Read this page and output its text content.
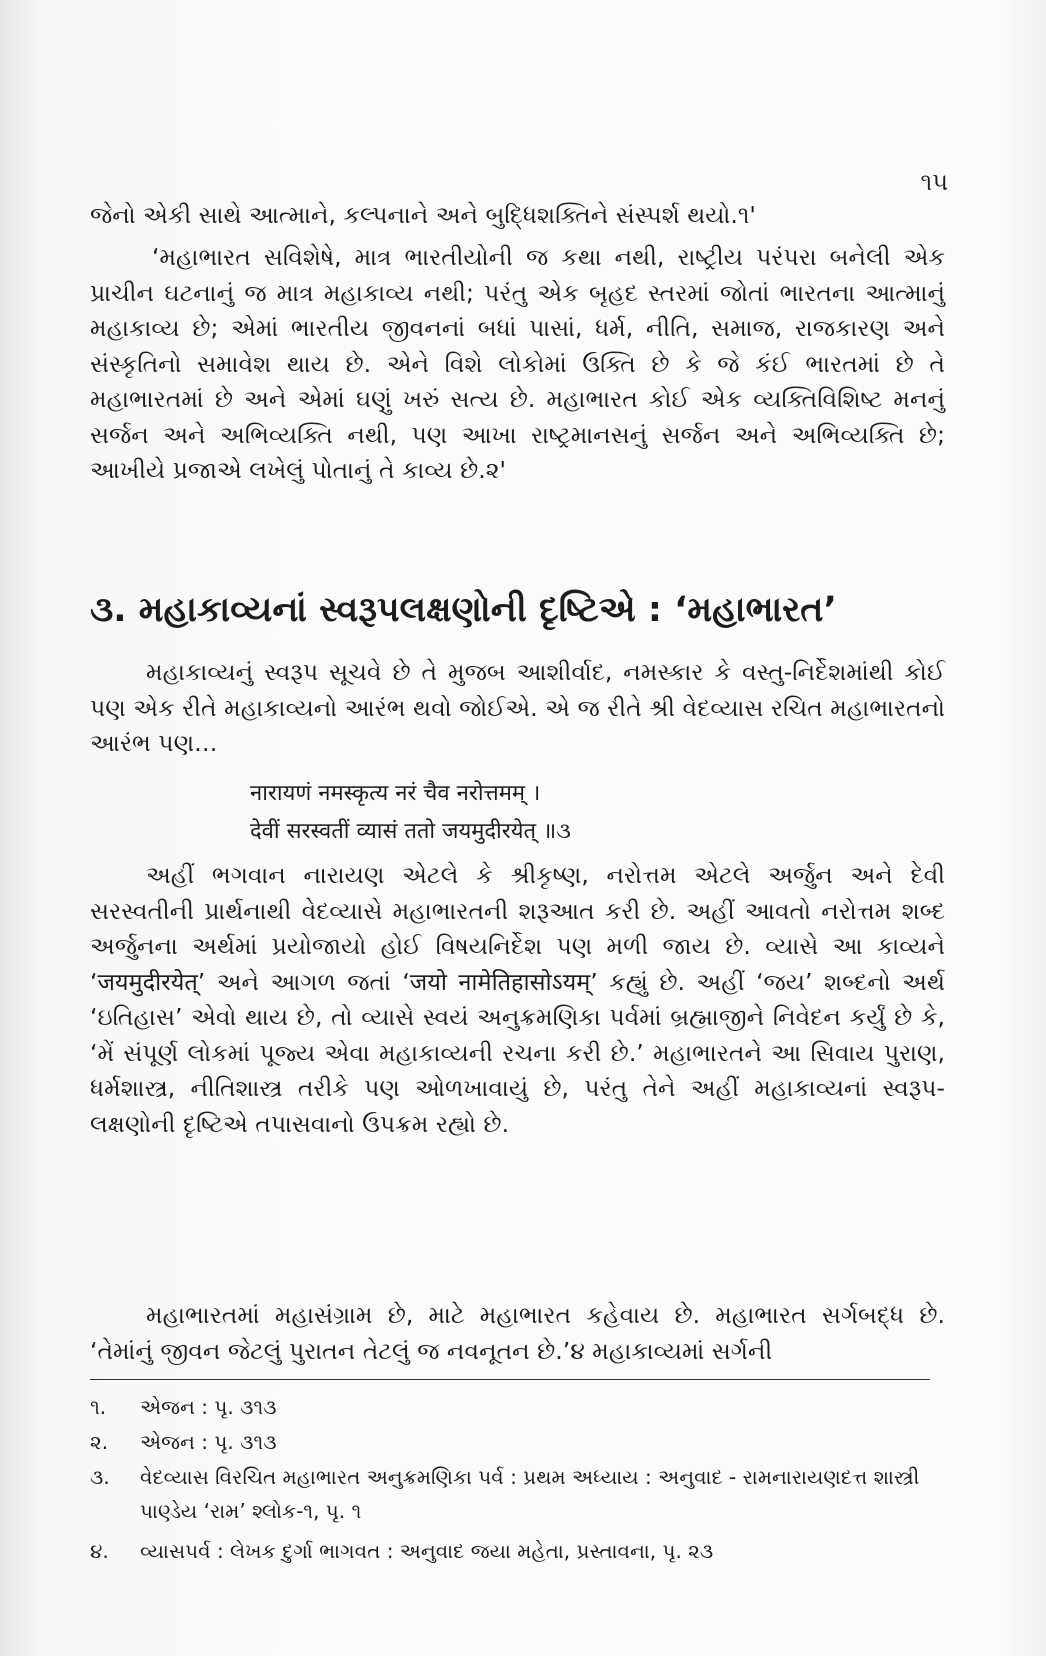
૧૫

જેનો એકી સાથે આત્માને, કલ્પનાને અને બુદ્ધિશક્તિને સંસ્પર્શ થયો.૧'

‘મહાભારત સવિશેષે, માત્ર ભારતીયોની જ કથા નથી, રાષ્ટ્રીય પરંપરા બનેલી એક પ્રાચીન ઘટનાનું જ માત્ર મહાકાવ્ય નથી; પરંતુ એક બૃહદ સ્તરમાં જોતાં ભારતના આત્માનું મહાકાવ્ય છે; એમાં ભારતીય જીવનનાં બધાં પાસાં, ધર્મ, નીતિ, સમાજ, રાજકારણ અને સંસ્કૃતિનો સમાવેશ થાય છે. એને વિશે લોકોમાં ઉક્તિ છે કે જે કંઈ ભારતમાં છે તે મહાભારતમાં છે અને એમાં ઘણું ખરું સત્ય છે. મહાભારત કોઈ એક વ્યક્તિવિશિષ્ટ મનનું સર્જન અને અભિવ્યક્તિ નથી, પણ આખા રાષ્ટ્રમાનસનું સર્જન અને અભિવ્યક્તિ છે; આખીયે પ્રજાએ લખેલું પોતાનું તે કાવ્ય છે.૨'

૩. મહાકાવ્યનાં સ્વરૂપલક્ષણોની દૃષ્ટિએ : ‘મહાભારત’

મહાકાવ્યનું સ્વરૂપ સૂચવે છે તે મુજબ આશીર્વાદ, નમસ્કાર કે વસ્તુ-નિર્દેશમાંથી કોઈ પણ એક રીતે મહાકાવ્યનો આરંભ થવો જોઈએ. એ જ રીતે શ્રી વેદવ્યાસ રચિત મહાભારતનો આરંભ પણ…

नारायणं नमस्कृत्य नरं चैव नरोत्तमम् ।

देवीं सरस्वतीं व्यासं ततो जयमुदीरयेत् ॥૩

અહીં ભગવાન નારાયણ એટલે કે શ્રીકૃષ્ણ, નરોત્તમ એટલે અર્જુન અને દેવી સરસ્વતીની પ્રાર્થનાથી વેદવ્યાસે મહાભારતની શરૂઆત કરી છે. અહીં આવતો નરોત્તમ શબ્દ અર્જુનના અર્થમાં પ્રયોજાયો હોઈ વિષયનિર્દેશ પણ મળી જાય છે. વ્યાસે આ કાવ્યને ‘जयमुदीरयेत्’ અને આગળ જતાં ‘जयो नामेतिहासोऽयम्’ કહ્યું છે. અહીં ‘જય’ શબ્દનો અર્થ ‘ઇતિહાસ’ એવો થાય છે, તો વ્યાસે સ્વયં અનુક્રમણિકા પર્વમાં બ્રહ્માજીને નિવેદન કર્યું છે કે, ‘મેં સંપૂર્ણ લોકમાં પૂજ્ય એવા મહાકાવ્યની રચના કરી છે.’ મહાભારતને આ સિવાય પુરાણ, ધર્મશાસ્ત્ર, નીતિશાસ્ત્ર તરીકે પણ ઓળખાવાયું છે, પરંતુ તેને અહીં મહાકાવ્યનાં સ્વરૂપ-લક્ષણોની દૃષ્ટિએ તપાસવાનો ઉપક્રમ રહ્યો છે.

મહાભારતમાં મહાસંગ્રામ છે, માટે મહાભારત કહેવાય છે. મહાભારત સર્ગબદ્ધ છે. ‘તેમાંનું જીવન જેટલું પુરાતન તેટલું જ નવનૂતન છે.’૪ મહાકાવ્યમાં સર્ગની

૧.	એજન : પૃ. ૩૧૩
૨.	એજન : પૃ. ૩૧૩
૩.	વેદવ્યાસ વિરચિત મહાભારત અનુક્રમણિકા પર્વ : પ્રથમ અધ્યાય : અનુવાદ - રામનારાયણદત્ત શાસ્ત્રી પાણ્ડેય ‘રામ’ શ્લોક-૧, પૃ. ૧
૪.	વ્યાસપર્વ : લેખક દુર્ગા ભાગવત : અનુવાદ જયા મહેતા, પ્રસ્તાવના, પૃ. ૨૩
